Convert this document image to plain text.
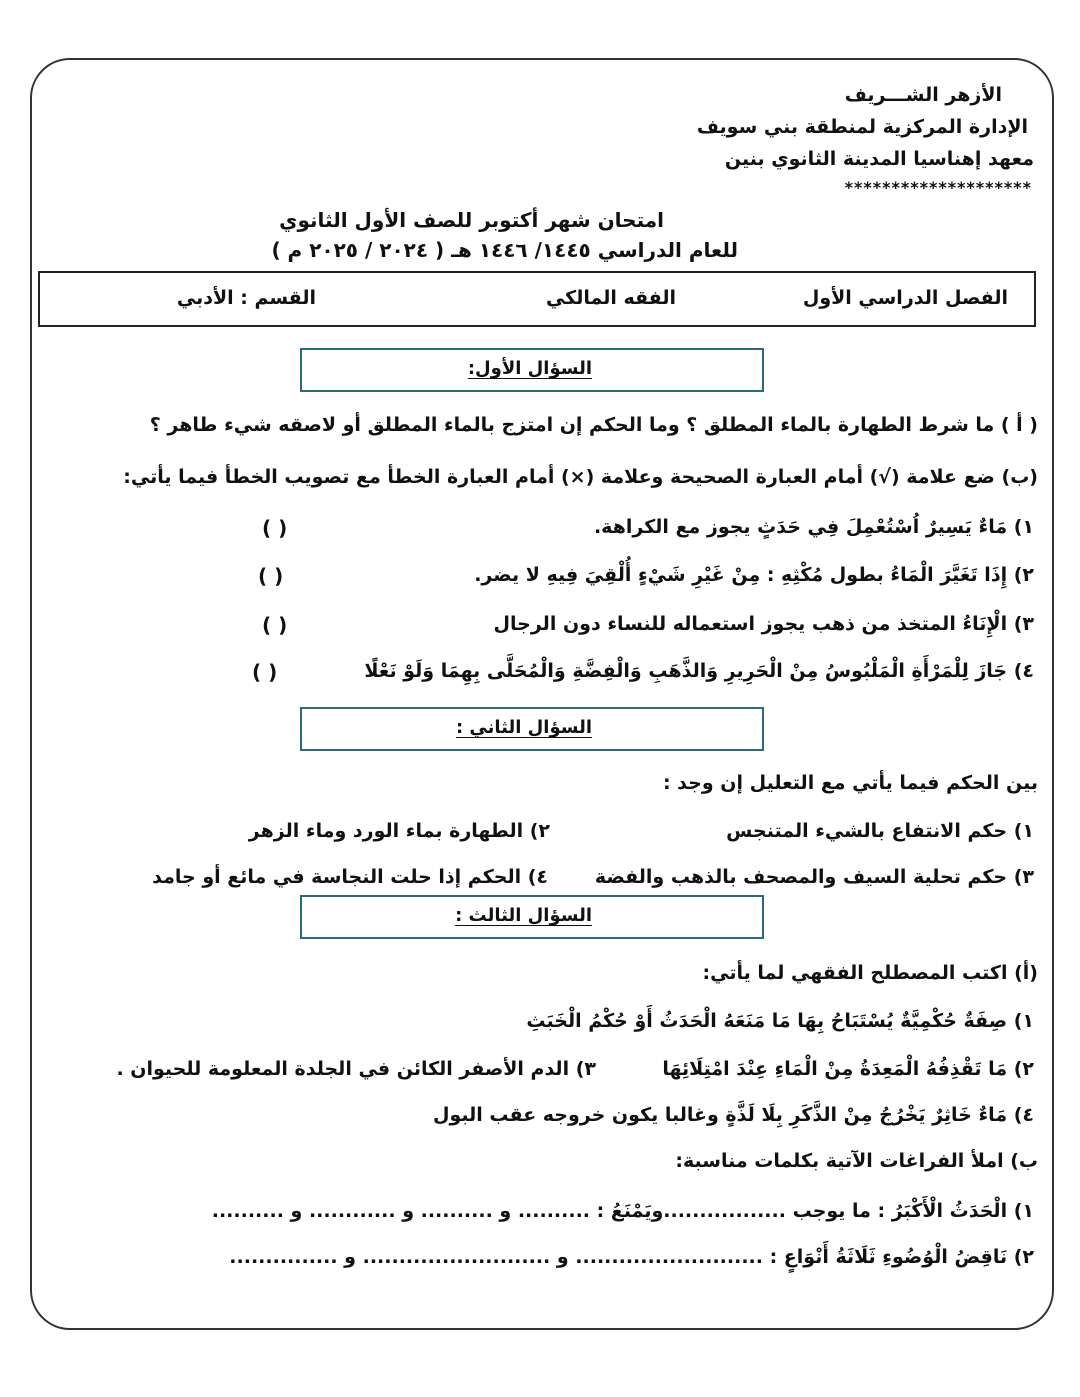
الأزهر الشـــريف
الإدارة المركزية لمنطقة بني سويف
معهد إهناسيا المدينة الثانوي بنين
********************
امتحان شهر أكتوبر للصف الأول الثانوي
للعام الدراسي ١٤٤٥/ ١٤٤٦ هـ ( ٢٠٢٤ / ٢٠٢٥ م )
الفصل الدراسي الأول
الفقه المالكي
القسم : الأدبي
السؤال الأول:
( أ ) ما شرط الطهارة بالماء المطلق ؟ وما الحكم إن امتزج بالماء المطلق أو لاصقه شيء طاهر ؟
(ب) ضع علامة (√) أمام العبارة الصحيحة وعلامة (×) أمام العبارة الخطأ مع تصويب الخطأ فيما يأتي:
١) مَاءٌ يَسِيرٌ اُسْتُعْمِلَ فِي حَدَثٍ يجوز مع الكراهة.
( )
٢) إِذَا تَغَيَّرَ الْمَاءُ بطول مُكْثِهِ : مِنْ غَيْرِ شَيْءٍ أُلْقِيَ فِيهِ لا يضر.
( )
٣) الْإِنَاءُ المتخذ من ذهب يجوز استعماله للنساء دون الرجال
( )
٤) جَازَ لِلْمَرْأَةِ الْمَلْبُوسُ مِنْ الْحَرِيرِ وَالذَّهَبِ وَالْفِضَّةِ وَالْمُحَلَّى بِهِمَا وَلَوْ نَعْلًا
( )
السؤال الثاني :
بين الحكم فيما يأتي مع التعليل إن وجد :
١) حكم الانتفاع بالشيء المتنجس
٢) الطهارة بماء الورد وماء الزهر
٣) حكم تحلية السيف والمصحف بالذهب والفضة
٤) الحكم إذا حلت النجاسة في مائع أو جامد
السؤال الثالث :
(أ) اكتب المصطلح الفقهي لما يأتي:
١) صِفَةٌ حُكْمِيَّةٌ يُسْتَبَاحُ بِهَا مَا مَنَعَهُ الْحَدَثُ أَوْ حُكْمُ الْخَبَثِ
٢) مَا تَقْذِفُهُ الْمَعِدَةُ مِنْ الْمَاءِ عِنْدَ امْتِلَائِهَا
٣) الدم الأصفر الكائن في الجلدة المعلومة للحيوان .
٤) مَاءٌ خَاثِرٌ يَخْرُجُ مِنْ الذَّكَرِ بِلَا لَذَّةٍ وغالبا يكون خروجه عقب البول
ب) املأ الفراغات الآتية بكلمات مناسبة:
١) الْحَدَثُ الْأَكْبَرُ : ما يوجب .................ويَمْنَعُ : .......... و .......... و ............ و ..........
٢) نَاقِضُ الْوُضُوءِ ثَلَاثَةُ أَنْوَاعٍ : .......................... و .......................... و ...............
